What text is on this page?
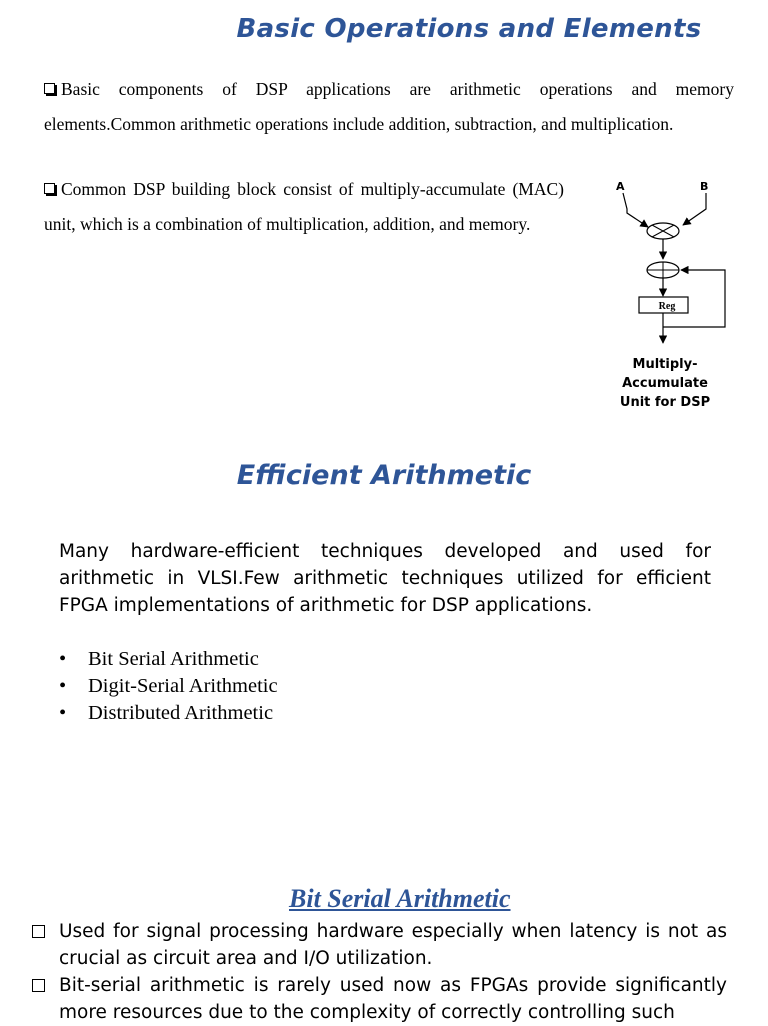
Basic Operations and Elements
Basic components of DSP applications are arithmetic operations and memory elements.Common arithmetic operations include addition, subtraction, and multiplication.
Common DSP building block consist of multiply-accumulate (MAC) unit, which is a combination of multiplication, addition, and memory.
A	B
Reg
Multiply-Accumulate
Unit for DSP
Efficient Arithmetic
Many hardware-efficient techniques developed and used for arithmetic in VLSI.Few arithmetic techniques utilized for efficient FPGA implementations of arithmetic for DSP applications.
• Bit Serial Arithmetic
• Digit-Serial Arithmetic
• Distributed Arithmetic
Bit Serial Arithmetic
Used for signal processing hardware especially when latency is not as crucial as circuit area and I/O utilization.
Bit-serial arithmetic is rarely used now as FPGAs provide significantly more resources due to the complexity of correctly controlling such
